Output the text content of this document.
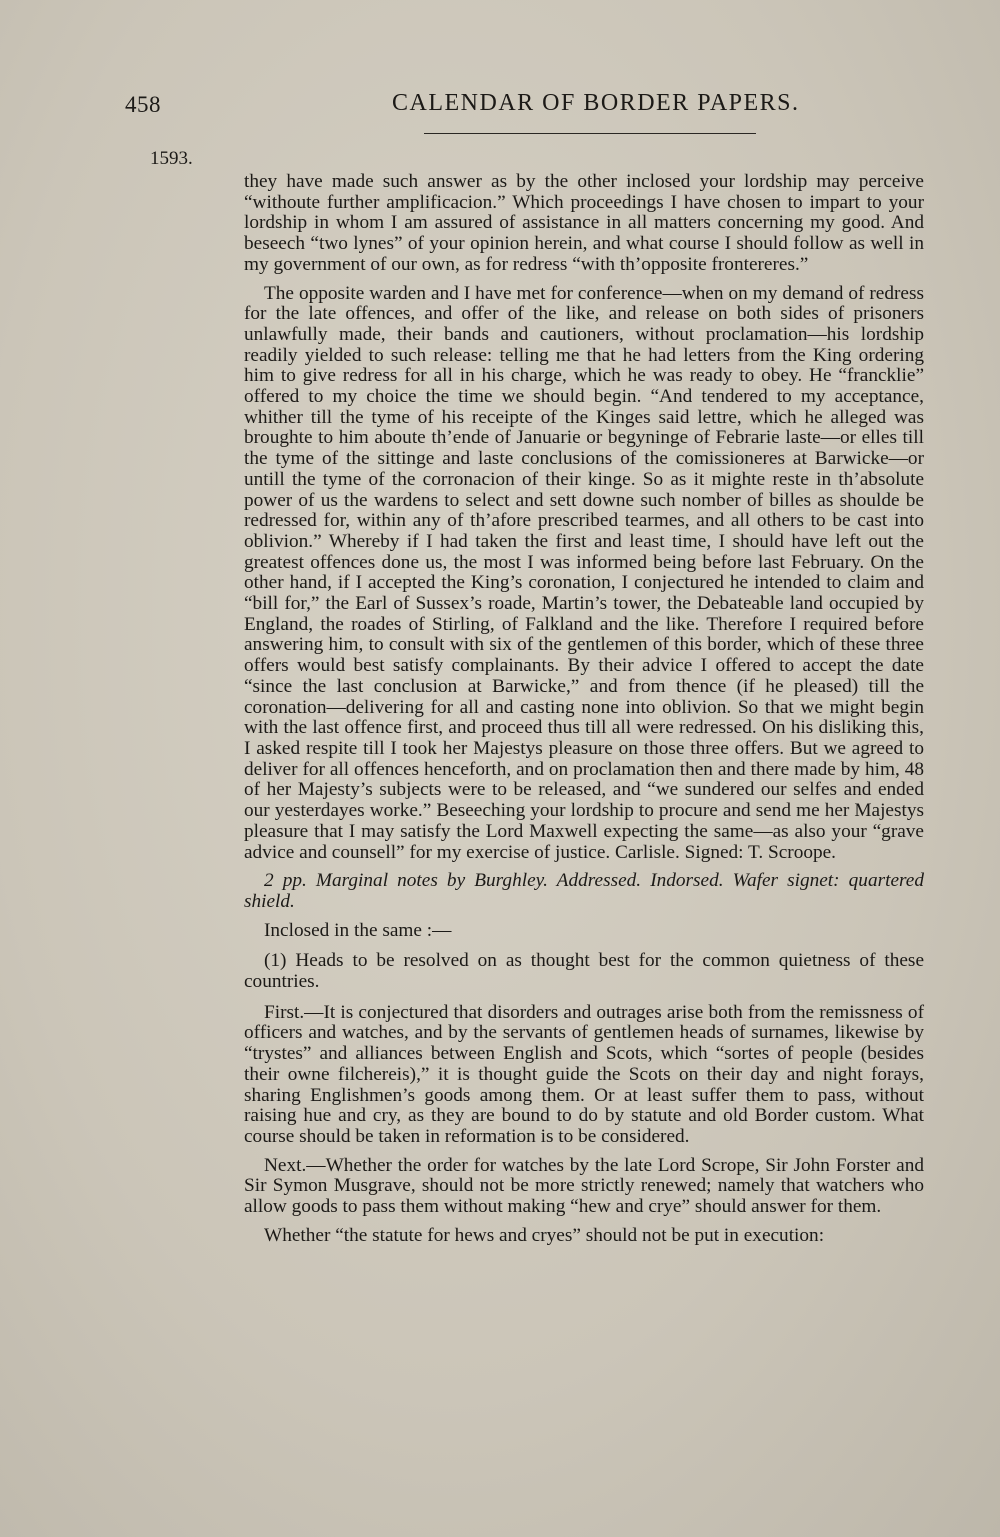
458	CALENDAR OF BORDER PAPERS.
1593.

they have made such answer as by the other inclosed your lordship may perceive “withoute further amplificacion.” Which proceedings I have chosen to impart to your lordship in whom I am assured of assistance in all matters concerning my good. And beseech “two lynes” of your opinion herein, and what course I should follow as well in my government of our own, as for redress “with th’opposite frontereres.”

The opposite warden and I have met for conference—when on my demand of redress for the late offences, and offer of the like, and release on both sides of prisoners unlawfully made, their bands and cautioners, without proclamation—his lordship readily yielded to such release: telling me that he had letters from the King ordering him to give redress for all in his charge, which he was ready to obey. He “francklie” offered to my choice the time we should begin. “And tendered to my acceptance, whither till the tyme of his receipte of the Kinges said lettre, which he alleged was broughte to him aboute th’ende of Januarie or begyninge of Febrarie laste—or elles till the tyme of the sittinge and laste conclusions of the comissioneres at Barwicke—or untill the tyme of the corronacion of their kinge. So as it mighte reste in th’absolute power of us the wardens to select and sett downe such nomber of billes as shoulde be redressed for, within any of th’afore prescribed tearmes, and all others to be cast into oblivion.” Whereby if I had taken the first and least time, I should have left out the greatest offences done us, the most I was informed being before last February. On the other hand, if I accepted the King’s coronation, I conjectured he intended to claim and “bill for,” the Earl of Sussex’s roade, Martin’s tower, the Debateable land occupied by England, the roades of Stirling, of Falkland and the like. Therefore I required before answering him, to consult with six of the gentlemen of this border, which of these three offers would best satisfy complainants. By their advice I offered to accept the date “since the last conclusion at Barwicke,” and from thence (if he pleased) till the coronation—delivering for all and casting none into oblivion. So that we might begin with the last offence first, and proceed thus till all were redressed. On his disliking this, I asked respite till I took her Majestys pleasure on those three offers. But we agreed to deliver for all offences henceforth, and on proclamation then and there made by him, 48 of her Majesty’s subjects were to be released, and “we sundered our selfes and ended our yesterdayes worke.” Beseeching your lordship to procure and send me her Majestys pleasure that I may satisfy the Lord Maxwell expecting the same—as also your “grave advice and counsell” for my exercise of justice. Carlisle. Signed: T. Scroope.

2 pp. Marginal notes by Burghley. Addressed. Indorsed. Wafer signet: quartered shield.

Inclosed in the same :—

(1) Heads to be resolved on as thought best for the common quietness of these countries.

First.—It is conjectured that disorders and outrages arise both from the remissness of officers and watches, and by the servants of gentlemen heads of surnames, likewise by “trystes” and alliances between English and Scots, which “sortes of people (besides their owne filchereis),” it is thought guide the Scots on their day and night forays, sharing Englishmen’s goods among them. Or at least suffer them to pass, without raising hue and cry, as they are bound to do by statute and old Border custom. What course should be taken in reformation is to be considered.

Next.—Whether the order for watches by the late Lord Scrope, Sir John Forster and Sir Symon Musgrave, should not be more strictly renewed; namely that watchers who allow goods to pass them without making “hew and crye” should answer for them.

Whether “the statute for hews and cryes” should not be put in execution:
